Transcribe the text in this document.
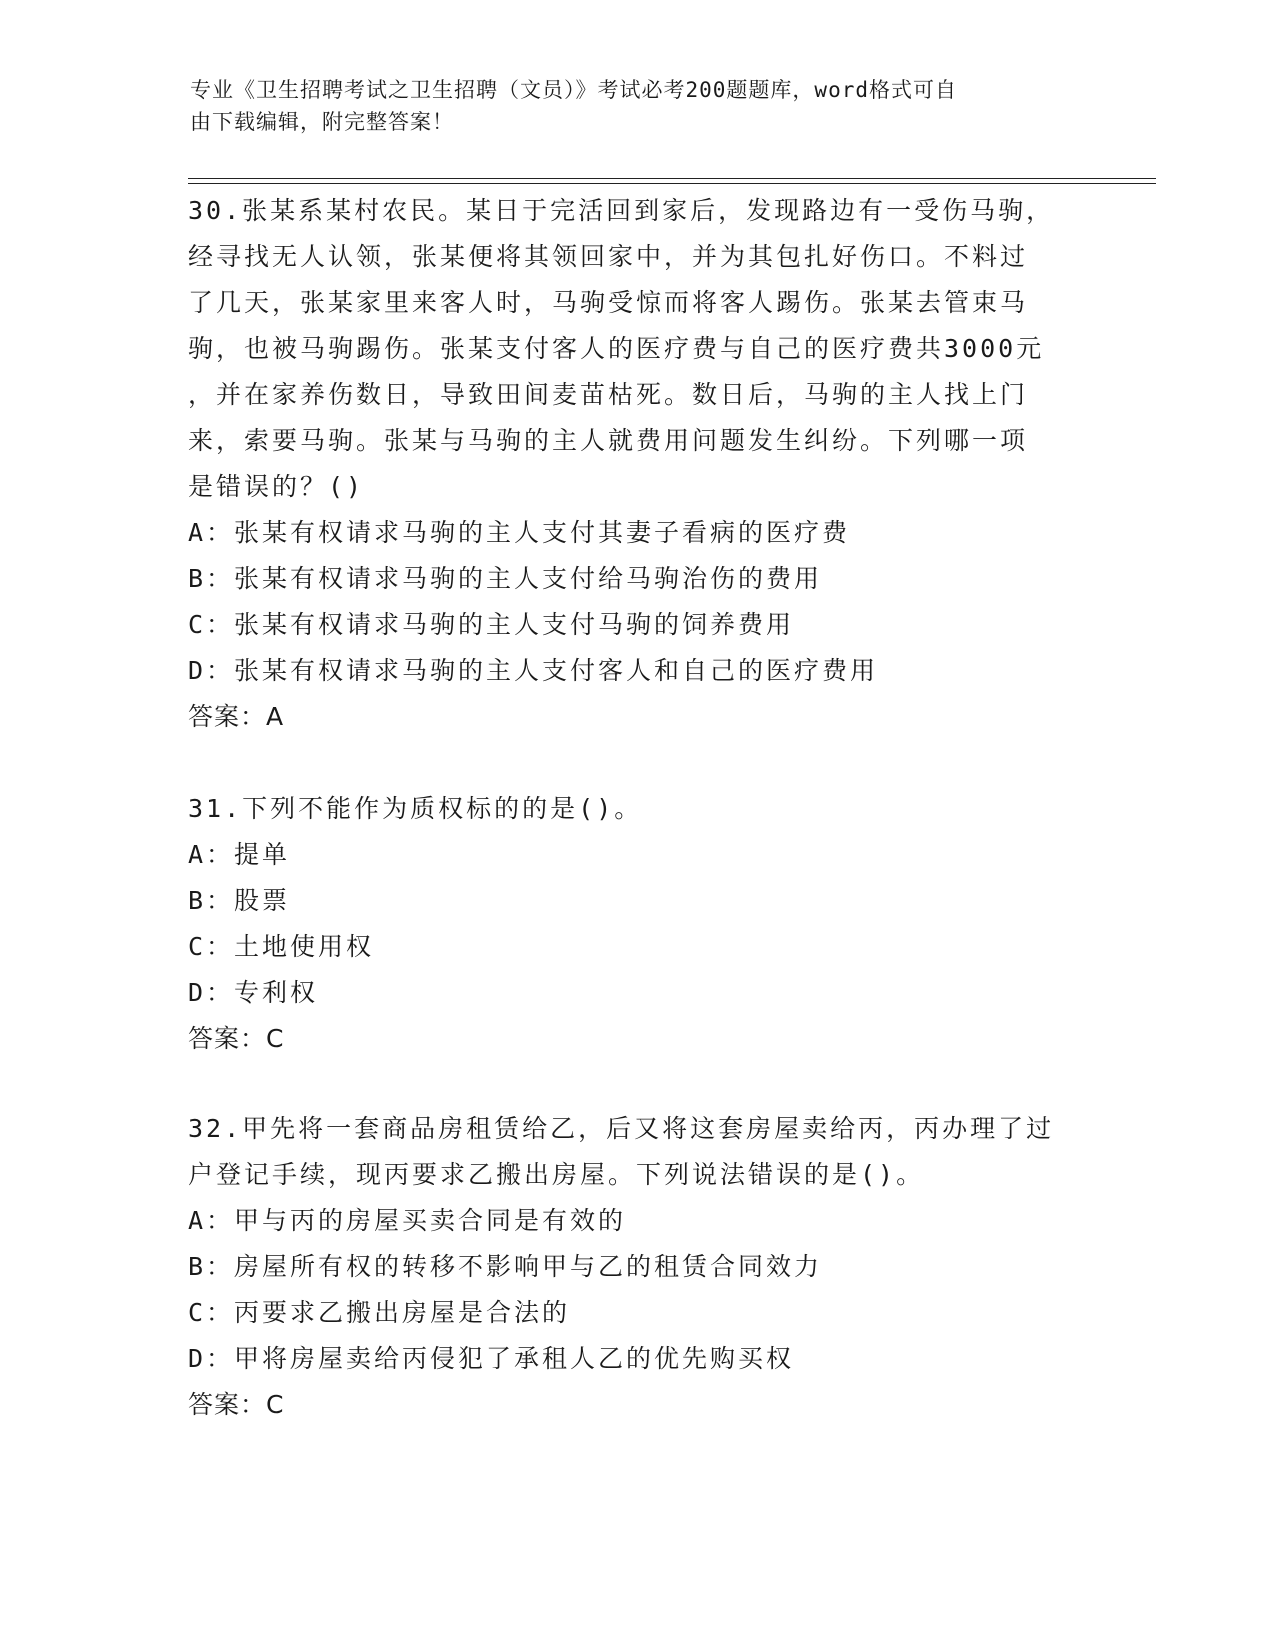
专业《卫生招聘考试之卫生招聘（文员）》考试必考200题题库，word格式可自
由下载编辑，附完整答案！
30.张某系某村农民。某日于完活回到家后，发现路边有一受伤马驹，
经寻找无人认领，张某便将其领回家中，并为其包扎好伤口。不料过
了几天，张某家里来客人时，马驹受惊而将客人踢伤。张某去管束马
驹，也被马驹踢伤。张某支付客人的医疗费与自己的医疗费共3000元
，并在家养伤数日，导致田间麦苗枯死。数日后，马驹的主人找上门
来，索要马驹。张某与马驹的主人就费用问题发生纠纷。下列哪一项
是错误的？()
A：张某有权请求马驹的主人支付其妻子看病的医疗费
B：张某有权请求马驹的主人支付给马驹治伤的费用
C：张某有权请求马驹的主人支付马驹的饲养费用
D：张某有权请求马驹的主人支付客人和自己的医疗费用
答案：A
31.下列不能作为质权标的的是()。
A：提单
B：股票
C：土地使用权
D：专利权
答案：C
32.甲先将一套商品房租赁给乙，后又将这套房屋卖给丙，丙办理了过
户登记手续，现丙要求乙搬出房屋。下列说法错误的是()。
A：甲与丙的房屋买卖合同是有效的
B：房屋所有权的转移不影响甲与乙的租赁合同效力
C：丙要求乙搬出房屋是合法的
D：甲将房屋卖给丙侵犯了承租人乙的优先购买权
答案：C
